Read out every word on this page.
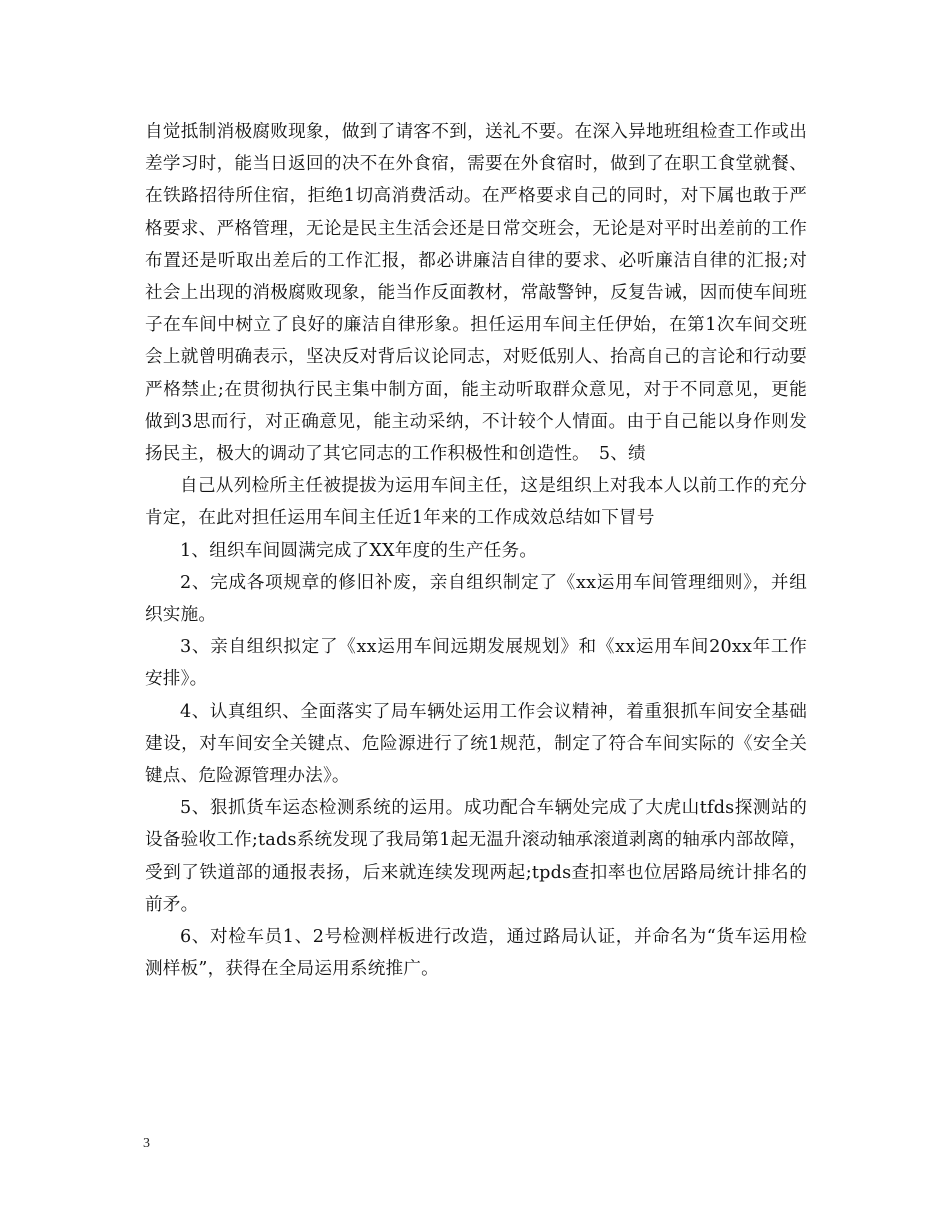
自觉抵制消极腐败现象，做到了请客不到，送礼不要。在深入异地班组检查工作或出差学习时，能当日返回的决不在外食宿，需要在外食宿时，做到了在职工食堂就餐、在铁路招待所住宿，拒绝1切高消费活动。在严格要求自己的同时，对下属也敢于严格要求、严格管理，无论是民主生活会还是日常交班会，无论是对平时出差前的工作布置还是听取出差后的工作汇报，都必讲廉洁自律的要求、必听廉洁自律的汇报;对社会上出现的消极腐败现象，能当作反面教材，常敲警钟，反复告诫，因而使车间班子在车间中树立了良好的廉洁自律形象。担任运用车间主任伊始，在第1次车间交班会上就曾明确表示，坚决反对背后议论同志，对贬低别人、抬高自己的言论和行动要严格禁止;在贯彻执行民主集中制方面，能主动听取群众意见，对于不同意见，更能做到3思而行，对正确意见，能主动采纳，不计较个人情面。由于自己能以身作则发扬民主，极大的调动了其它同志的工作积极性和创造性。　5、绩

自己从列检所主任被提拔为运用车间主任，这是组织上对我本人以前工作的充分肯定，在此对担任运用车间主任近1年来的工作成效总结如下冒号

1、组织车间圆满完成了XX年度的生产任务。

2、完成各项规章的修旧补废，亲自组织制定了《xx运用车间管理细则》，并组织实施。

3、亲自组织拟定了《xx运用车间远期发展规划》和《xx运用车间20xx年工作安排》。

4、认真组织、全面落实了局车辆处运用工作会议精神，着重狠抓车间安全基础建设，对车间安全关键点、危险源进行了统1规范，制定了符合车间实际的《安全关键点、危险源管理办法》。

5、狠抓货车运态检测系统的运用。成功配合车辆处完成了大虎山tfds探测站的设备验收工作;tads系统发现了我局第1起无温升滚动轴承滚道剥离的轴承内部故障，受到了铁道部的通报表扬，后来就连续发现两起;tpds查扣率也位居路局统计排名的前矛。

6、对检车员1、2号检测样板进行改造，通过路局认证，并命名为“货车运用检测样板”，获得在全局运用系统推广。

3
